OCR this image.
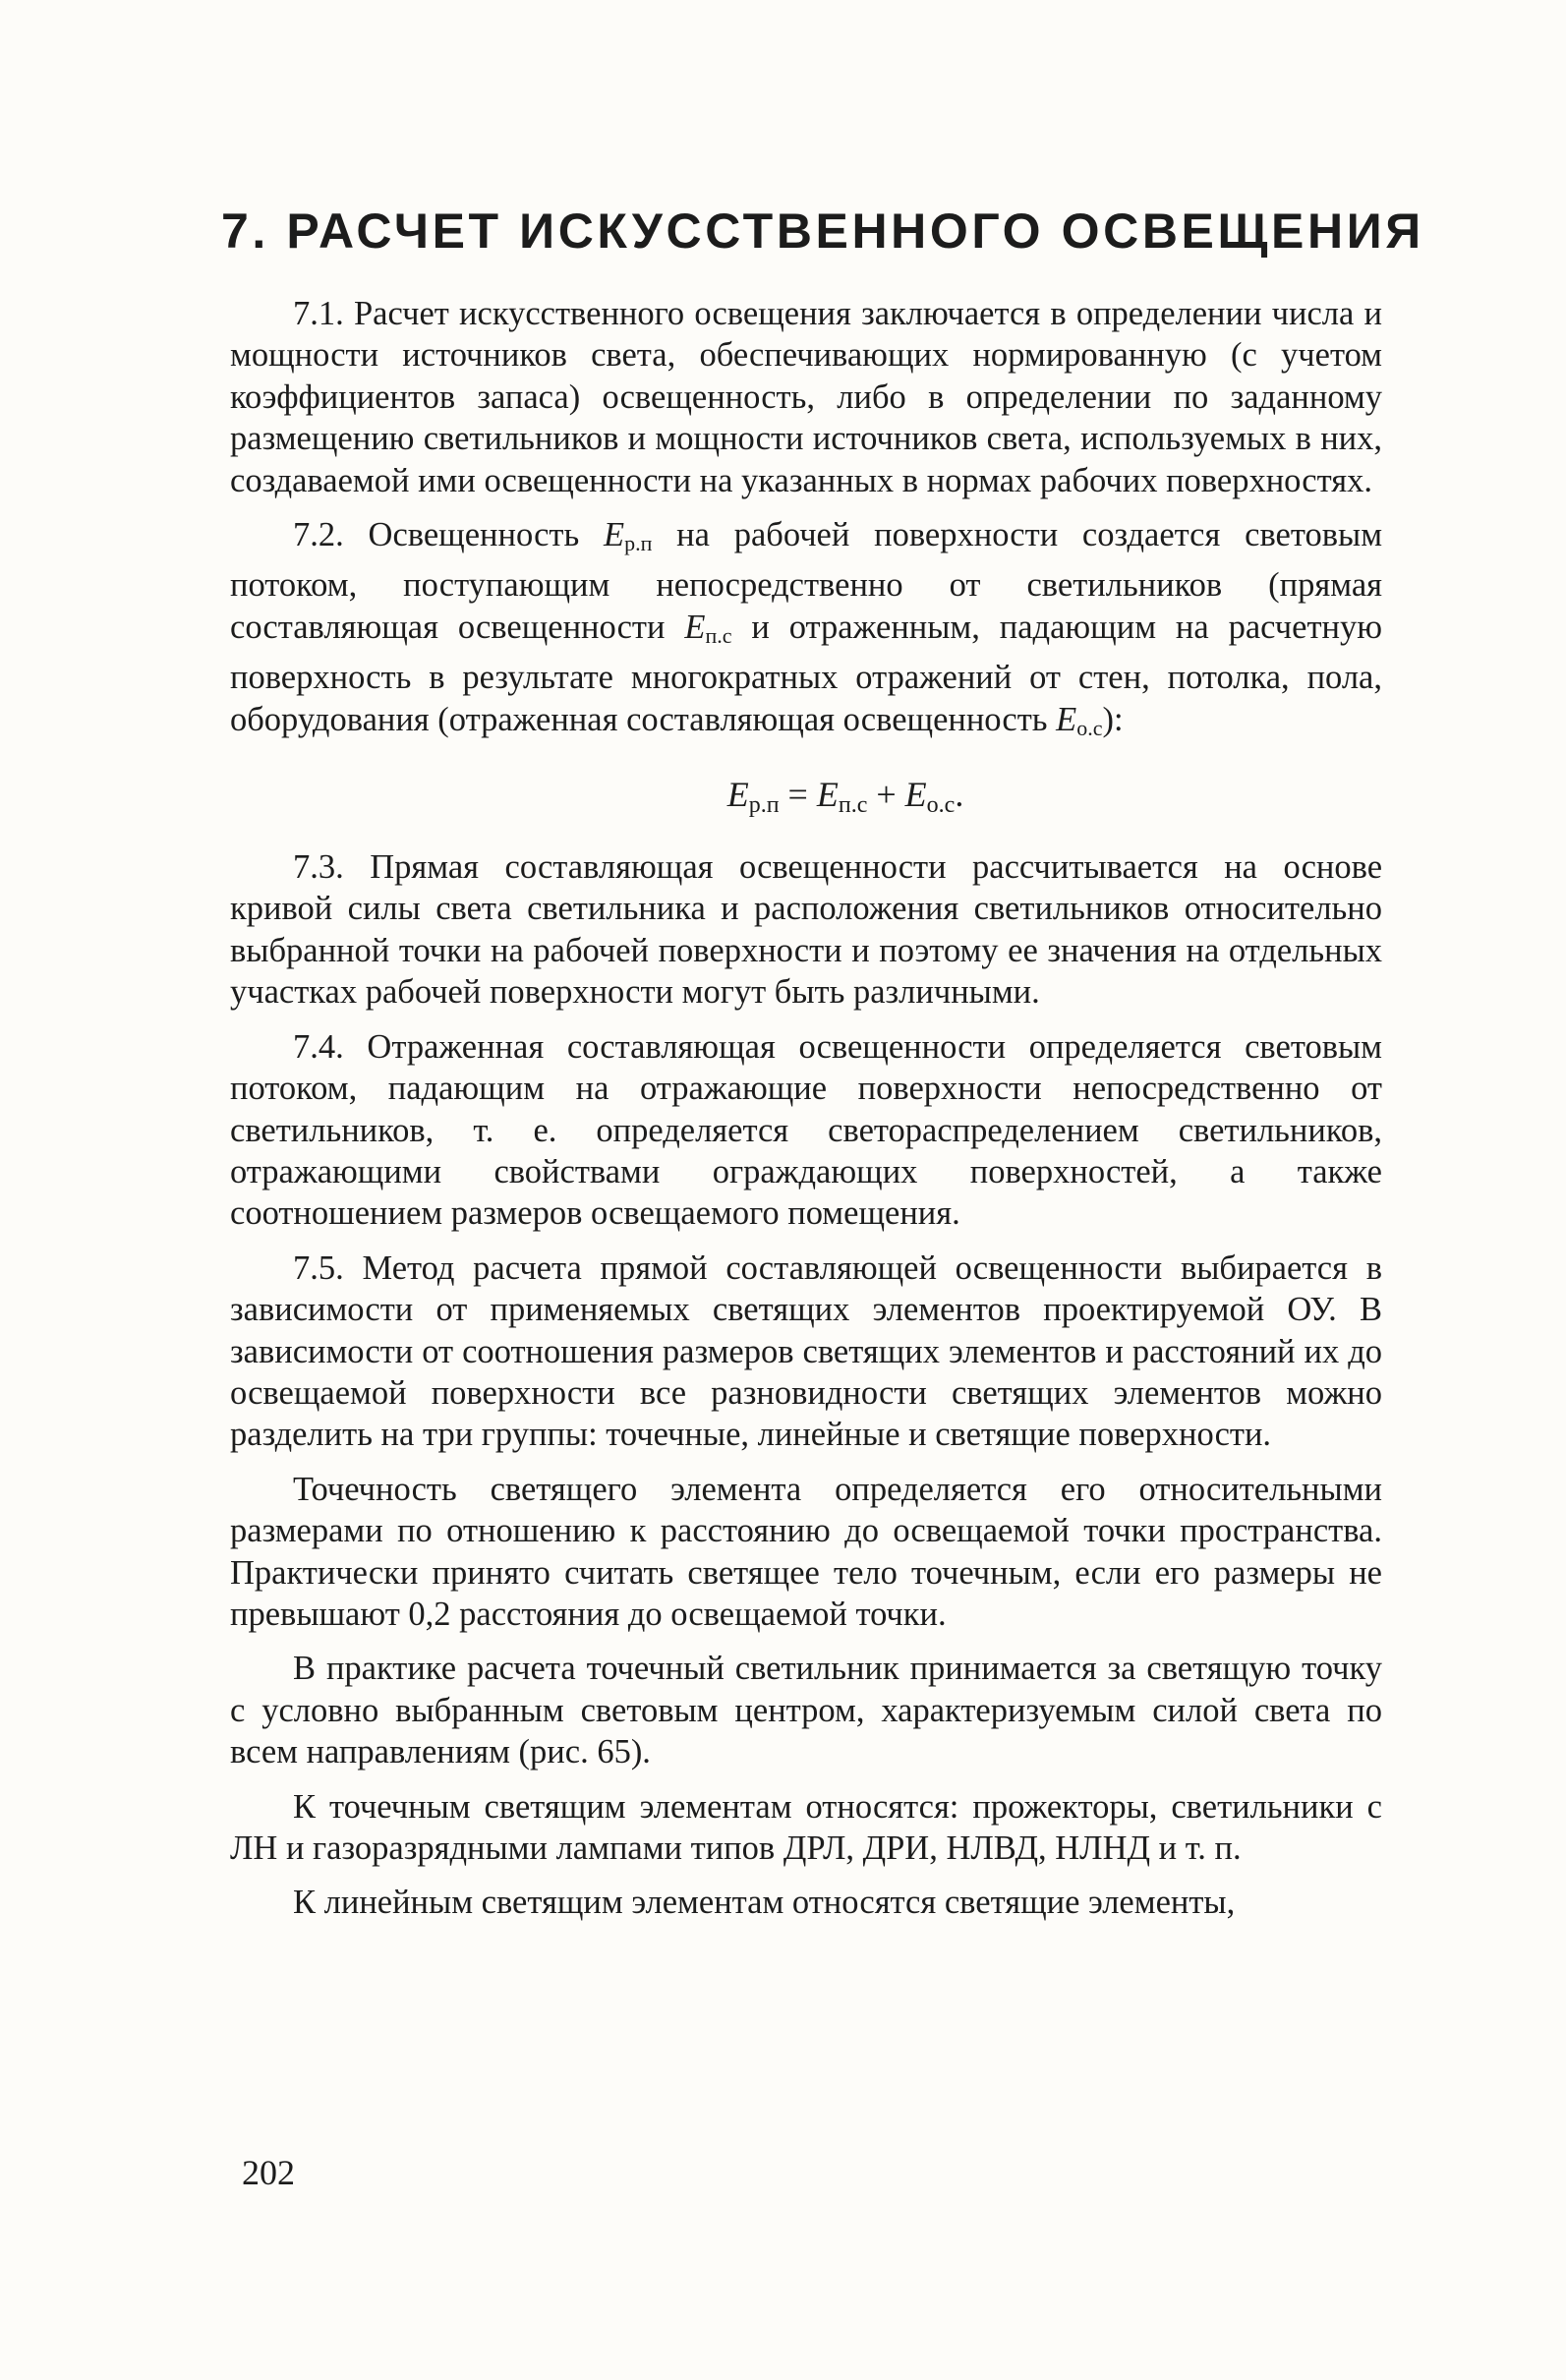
7. РАСЧЕТ ИСКУССТВЕННОГО ОСВЕЩЕНИЯ

7.1. Расчет искусственного освещения заключается в определении числа и мощности источников света, обеспечивающих нормированную (с учетом коэффициентов запаса) освещенность, либо в определении по заданному размещению светильников и мощности источников света, используемых в них, создаваемой ими освещенности на указанных в нормах рабочих поверхностях.

7.2. Освещенность $E_{р.п}$ на рабочей поверхности создается световым потоком, поступающим непосредственно от светильников (прямая составляющая освещенности $E_{п.с}$ и отраженным, падающим на расчетную поверхность в результате многократных отражений от стен, потолка, пола, оборудования (отраженная составляющая освещенность $E_{о.с}$):

$E_{р.п} = E_{п.с} + E_{о.с}$.

7.3. Прямая составляющая освещенности рассчитывается на основе кривой силы света светильника и расположения светильников относительно выбранной точки на рабочей поверхности и поэтому ее значения на отдельных участках рабочей поверхности могут быть различными.

7.4. Отраженная составляющая освещенности определяется световым потоком, падающим на отражающие поверхности непосредственно от светильников, т. е. определяется светораспределением светильников, отражающими свойствами ограждающих поверхностей, а также соотношением размеров освещаемого помещения.

7.5. Метод расчета прямой составляющей освещенности выбирается в зависимости от применяемых светящих элементов проектируемой ОУ. В зависимости от соотношения размеров светящих элементов и расстояний их до освещаемой поверхности все разновидности светящих элементов можно разделить на три группы: точечные, линейные и светящие поверхности.

Точечность светящего элемента определяется его относительными размерами по отношению к расстоянию до освещаемой точки пространства. Практически принято считать светящее тело точечным, если его размеры не превышают 0,2 расстояния до освещаемой точки.

В практике расчета точечный светильник принимается за светящую точку с условно выбранным световым центром, характеризуемым силой света по всем направлениям (рис. 65).

К точечным светящим элементам относятся: прожекторы, светильники с ЛН и газоразрядными лампами типов ДРЛ, ДРИ, НЛВД, НЛНД и т. п.

К линейным светящим элементам относятся светящие элементы,

202
